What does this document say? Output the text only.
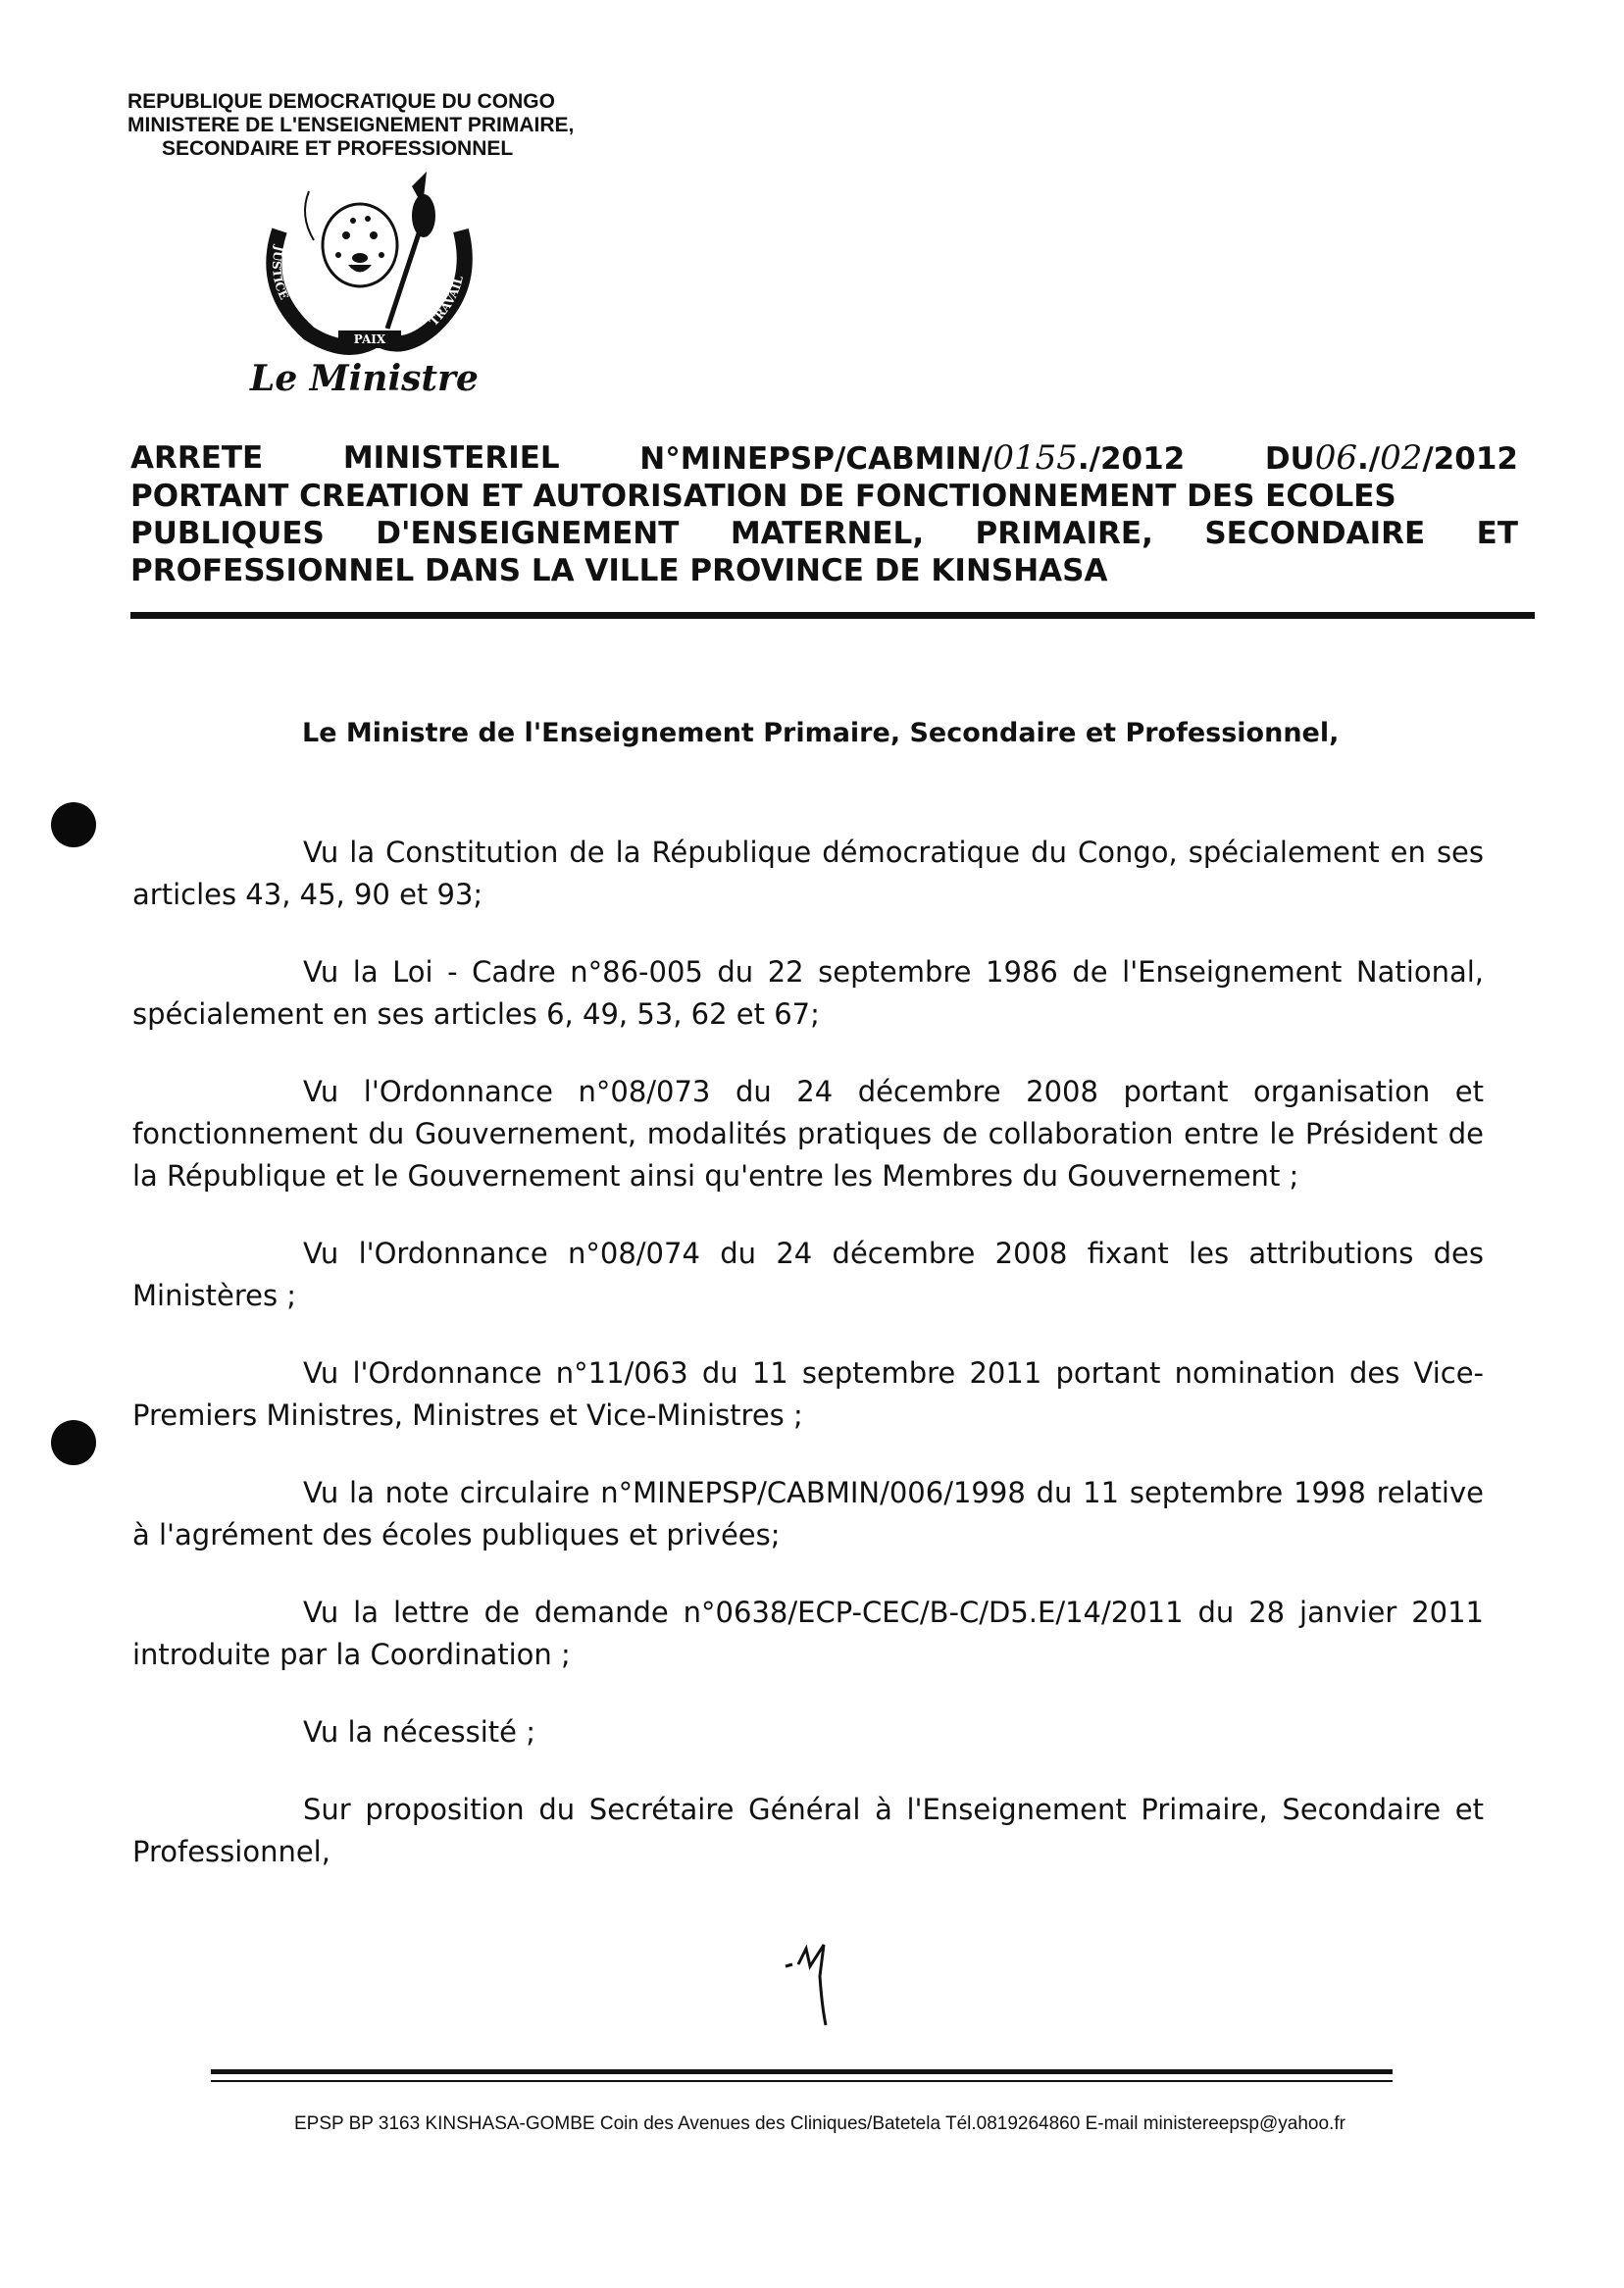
REPUBLIQUE DEMOCRATIQUE DU CONGO
MINISTERE DE L'ENSEIGNEMENT PRIMAIRE,
SECONDAIRE ET PROFESSIONNEL
JUSTICE
TRAVAIL
PAIX
Le Ministre
ARRETE	MINISTERIEL	N°MINEPSP/CABMIN/0155./2012	DU06./02/2012
PORTANT CREATION ET AUTORISATION DE FONCTIONNEMENT DES ECOLES
PUBLIQUES D'ENSEIGNEMENT MATERNEL, PRIMAIRE, SECONDAIRE ET
PROFESSIONNEL DANS LA VILLE PROVINCE DE KINSHASA
Le Ministre de l'Enseignement Primaire, Secondaire et Professionnel,

Vu la Constitution de la République démocratique du Congo, spécialement en ses articles 43, 45, 90 et 93;

Vu la Loi - Cadre n°86-005 du 22 septembre 1986 de l'Enseignement National, spécialement en ses articles 6, 49, 53, 62 et 67;

Vu l'Ordonnance n°08/073 du 24 décembre 2008 portant organisation et fonctionnement du Gouvernement, modalités pratiques de collaboration entre le Président de la République et le Gouvernement ainsi qu'entre les Membres du Gouvernement ;

Vu l'Ordonnance n°08/074 du 24 décembre 2008 fixant les attributions des Ministères ;

Vu l'Ordonnance n°11/063 du 11 septembre 2011 portant nomination des Vice-Premiers Ministres, Ministres et Vice-Ministres ;

Vu la note circulaire n°MINEPSP/CABMIN/006/1998 du 11 septembre 1998 relative à l'agrément des écoles publiques et privées;

Vu la lettre de demande n°0638/ECP-CEC/B-C/D5.E/14/2011 du 28 janvier 2011 introduite par la Coordination ;

Vu la nécessité ;

Sur proposition du Secrétaire Général à l'Enseignement Primaire, Secondaire et Professionnel,

EPSP BP 3163 KINSHASA-GOMBE Coin des Avenues des Cliniques/Batetela Tél.0819264860 E-mail ministereepsp@yahoo.fr
